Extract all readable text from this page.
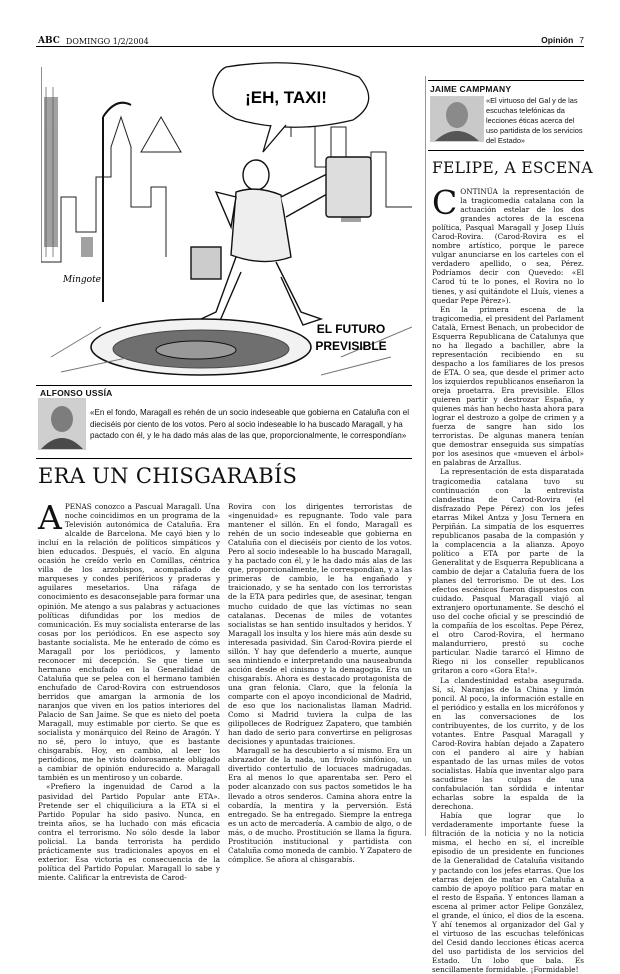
ABC DOMINGO 1/2/2004	Opinión 7
¡EH, TAXI!
EL FUTURO
PREVISIBLE
Mingote
JAIME CAMPMANY
«El virtuoso del Gal y de las escuchas telefónicas da lecciones éticas acerca del uso partidista de los servicios del Estado»
FELIPE, A ESCENA

CONTINÚA la representación de la tragicomedia catalana con la actuación estelar de los dos grandes actores de la escena política, Pasqual Maragall y Josep Lluís Carod-Rovira. (Carod-Rovira es el nombre artístico, porque le parece vulgar anunciarse en los carteles con el verdadero apellido, o sea, Pérez. Podríamos decir con Quevedo: «El Carod tú te lo pones, el Rovira no lo tienes, y así quitándote el Lluís, vienes a quedar Pepe Pérez»).

En la primera escena de la tragicomedia, el president del Parlament Català, Ernest Benach, un probecidor de Esquerra Republicana de Catalunya que no ha llegado a bachiller, abre la representación recibiendo en su despacho a los familiares de los presos de ETA. O sea, que desde el primer acto los izquierdos republicanos enseñaron la oreja proetarra. Era previsible. Ellos quieren partir y destrozar España, y quienes más han hecho hasta ahora para lograr el destrozo a golpe de crimen y a fuerza de sangre han sido los terroristas. De algunas manera tenían que demostrar enseguida sus simpatías por los asesinos que «mueven el árbol» en palabras de Arzallus.

La representación de esta disparatada tragicomedia catalana tuvo su continuación con la entrevista clandestina de Carod-Rovira (el disfrazado Pepe Pérez) con los jefes etarras Mikel Antza y Josu Ternera en Perpiñán. La simpatía de los esquerres republicanos pasaba de la compasión y la complacencia a la alianza. Apoyo político a ETA por parte de la Generalitat y de Esquerra Republicana a cambio de dejar a Cataluña fuera de los planes del terrorismo. De ut des. Los efectos escénicos fueron dispuestos con cuidado. Pasqual Maragall viajó al extranjero oportunamente. Se deschó el uso del coche oficial y se prescindió de la compañía de los escoltas. Pepe Pérez, el otro Carod-Rovira, el hermano malandurriero, prestó su coche particular. Nadie tararcó el Himno de Riego ni los conseller republicanos gritaron a coro «Gora Eta!».

La clandestinidad estaba asegurada. Sí, sí, Naranjas de la China y limón poncil. Al poco, la información estalle en el periódico y estalla en los micrófonos y en las conversaciones de los contribuyentes, de los currito, y de los votantes. Entre Pasqual Maragall y Carod-Rovira habían dejado a Zapatero con el pandero al aire y habían espantado de las urnas miles de votos socialistas. Había que inventar algo para sacudirse las culpas de una confabulación tan sórdida e intentar echarlas sobre la espalda de la derechona.

Había que lograr que lo verdaderamente importante fuese la filtración de la noticia y no la noticia misma, el hecho en sí, el increíble episodio de un presidente en funciones de la Generalidad de Cataluña visitando y pactando con los jefes etarras. Que los etarras dejen de matar en Cataluña a cambio de apoyo político para matar en el resto de España. Y entonces llaman a escena al primer actor Felipe González, el grande, el único, el dios de la escena. Y ahí tenemos al organizador del Gal y el virtuoso de las escuchas telefónicas del Cesid dando lecciones éticas acerca del uso partidista de los servicios del Estado. Un lobo que bala. Es sencillamente formidable. ¡Formidable!

ALFONSO USSÍA
«En el fondo, Maragall es rehén de un socio indeseable que gobierna en Cataluña con el dieciséis por ciento de los votos. Pero al socio indeseable lo ha buscado Maragall, y ha pactado con él, y le ha dado más alas de las que, proporcionalmente, le correspondían»
ERA UN CHISGARABÍS

APENAS conozco a Pascual Maragall. Una noche coincidimos en un programa de la Televisión autonómica de Cataluña. Era alcalde de Barcelona. Me cayó bien y lo incluí en la relación de políticos simpáticos y bien educados. Después, el vacío. En alguna ocasión he creído verlo en Comillas, céntrica villa de los arzobispos, acompañado de marqueses y condes periféricos y praderas y aguilares mesetarios. Una ráfaga de conocimiento es desaconsejable para formar una opinión. Me atengo a sus palabras y actuaciones políticas difundidas por los medios de comunicación. Es muy socialista enterarse de las cosas por los periódicos. En ese aspecto soy bastante socialista. Me he enterado de cómo es Maragall por los periódicos, y lamento reconocer mi decepción. Se que tiene un hermano enchufado en la Generalidad de Cataluña que se pelea con el hermano también enchufado de Carod-Rovira con estruendosos berridos que amargan la armonía de los naranjos que viven en los patios interiores del Palacio de San Jaime. Se que es nieto del poeta Maragall, muy estimable por cierto. Se que es socialista y monárquico del Reino de Aragón. Y no sé, pero lo intuyo, que es bastante chisgarabís. Hoy, en cambio, al leer los periódicos, me he visto dolorosamente obligado a cambiar de opinión endurecido a. Maragall también es un mentiroso y un cobarde.

«Prefiero la ingenuidad de Carod a la pasividad del Partido Popular ante ETA». Pretende ser el chiquiliciura a la ETA si el Partido Popular ha sido pasivo. Nunca, en treinta años, se ha luchado con más eficacia contra el terrorismo. No sólo desde la labor policial. La banda terrorista ha perdido prácticamente sus tradicionales apoyos en el exterior. Esa victoria es consecuencia de la política del Partido Popular. Maragall lo sabe y miente. Calificar la entrevista de Carod-

Rovira con los dirigentes terroristas de «ingenuidad» es repugnante. Todo vale para mantener el sillón. En el fondo, Maragall es rehén de un socio indeseable que gobierna en Cataluña con el dieciséis por ciento de los votos. Pero al socio indeseable lo ha buscado Maragall, y ha pactado con él, y le ha dado más alas de las que, proporcionalmente, le correspondían, y a las primeras de cambio, le ha engañado y traicionado, y se ha sentado con los terroristas de la ETA para pedirles que, de asesinar, tengan mucho cuidado de que las víctimas no sean catalanas. Decenas de miles de votantes socialistas se han sentido insultados y heridos. Y Maragall los insulta y los hiere más aún desde su interesada pasividad. Sin Carod-Rovira pierde el sillón. Y hay que defenderlo a muerte, aunque sea mintiendo e interpretando una nauseabunda acción desde el cinismo y la demagogia. Era un chisgarabís. Ahora es destacado protagonista de una gran felonía. Claro, que la felonía la comparte con el apoyo incondicional de Madrid, de eso que los nacionalistas llaman Madrid. Como si Madrid tuviera la culpa de las gilipolleces de Rodríguez Zapatero, que también han dado de serio para convertirse en peligrosas decisiones y apuntadas traiciones.

Maragall se ha descubierto a sí mismo. Era un abrazador de la nada, un frívolo sinfónico, un divertido contertulio de locuaces madrugadas. Era al menos lo que aparentaba ser. Pero el poder alcanzado con sus pactos sometidos le ha llevado a otros senderos. Camina ahora entre la cobardía, la mentira y la perversión. Está entregado. Se ha entregado. Siempre la entrega es un acto de mercadería. A cambio de algo, o de más, o de mucho. Prostitución se llama la figura. Prostitución institucional y partidista con Cataluña como moneda de cambio. Y Zapatero de cómplice. Se añora al chisgarabís.
